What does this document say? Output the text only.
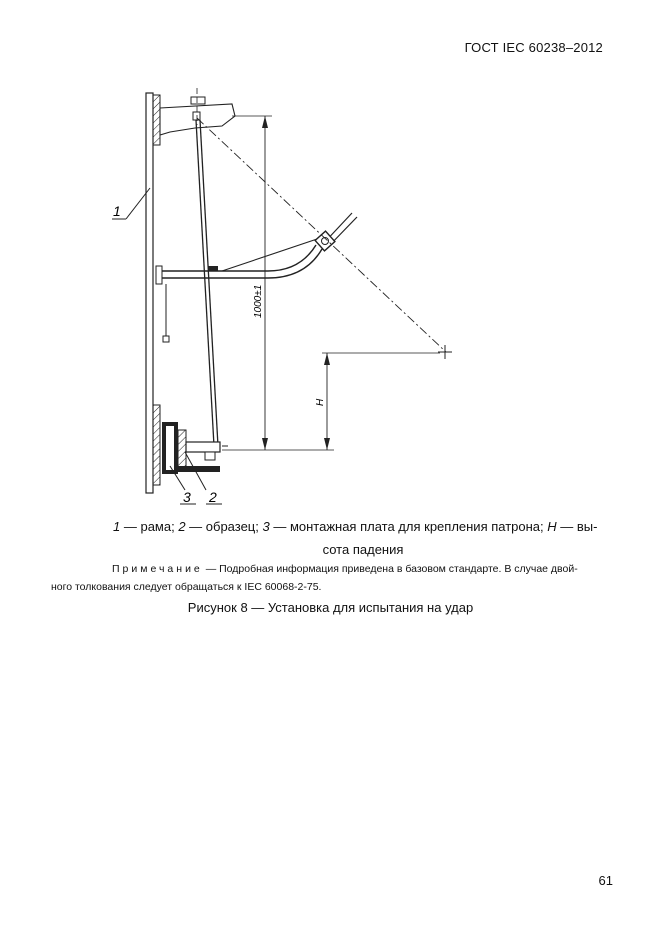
ГОСТ IEC 60238–2012
1000±1
H
1
3 2
1 — рама; 2 — образец; 3 — монтажная плата для крепления патрона; H — вы-
сота падения
Примечание — Подробная информация приведена в базовом стандарте. В случае двой-
ного толкования следует обращаться к IEC 60068-2-75.
Рисунок 8 — Установка для испытания на удар
61
